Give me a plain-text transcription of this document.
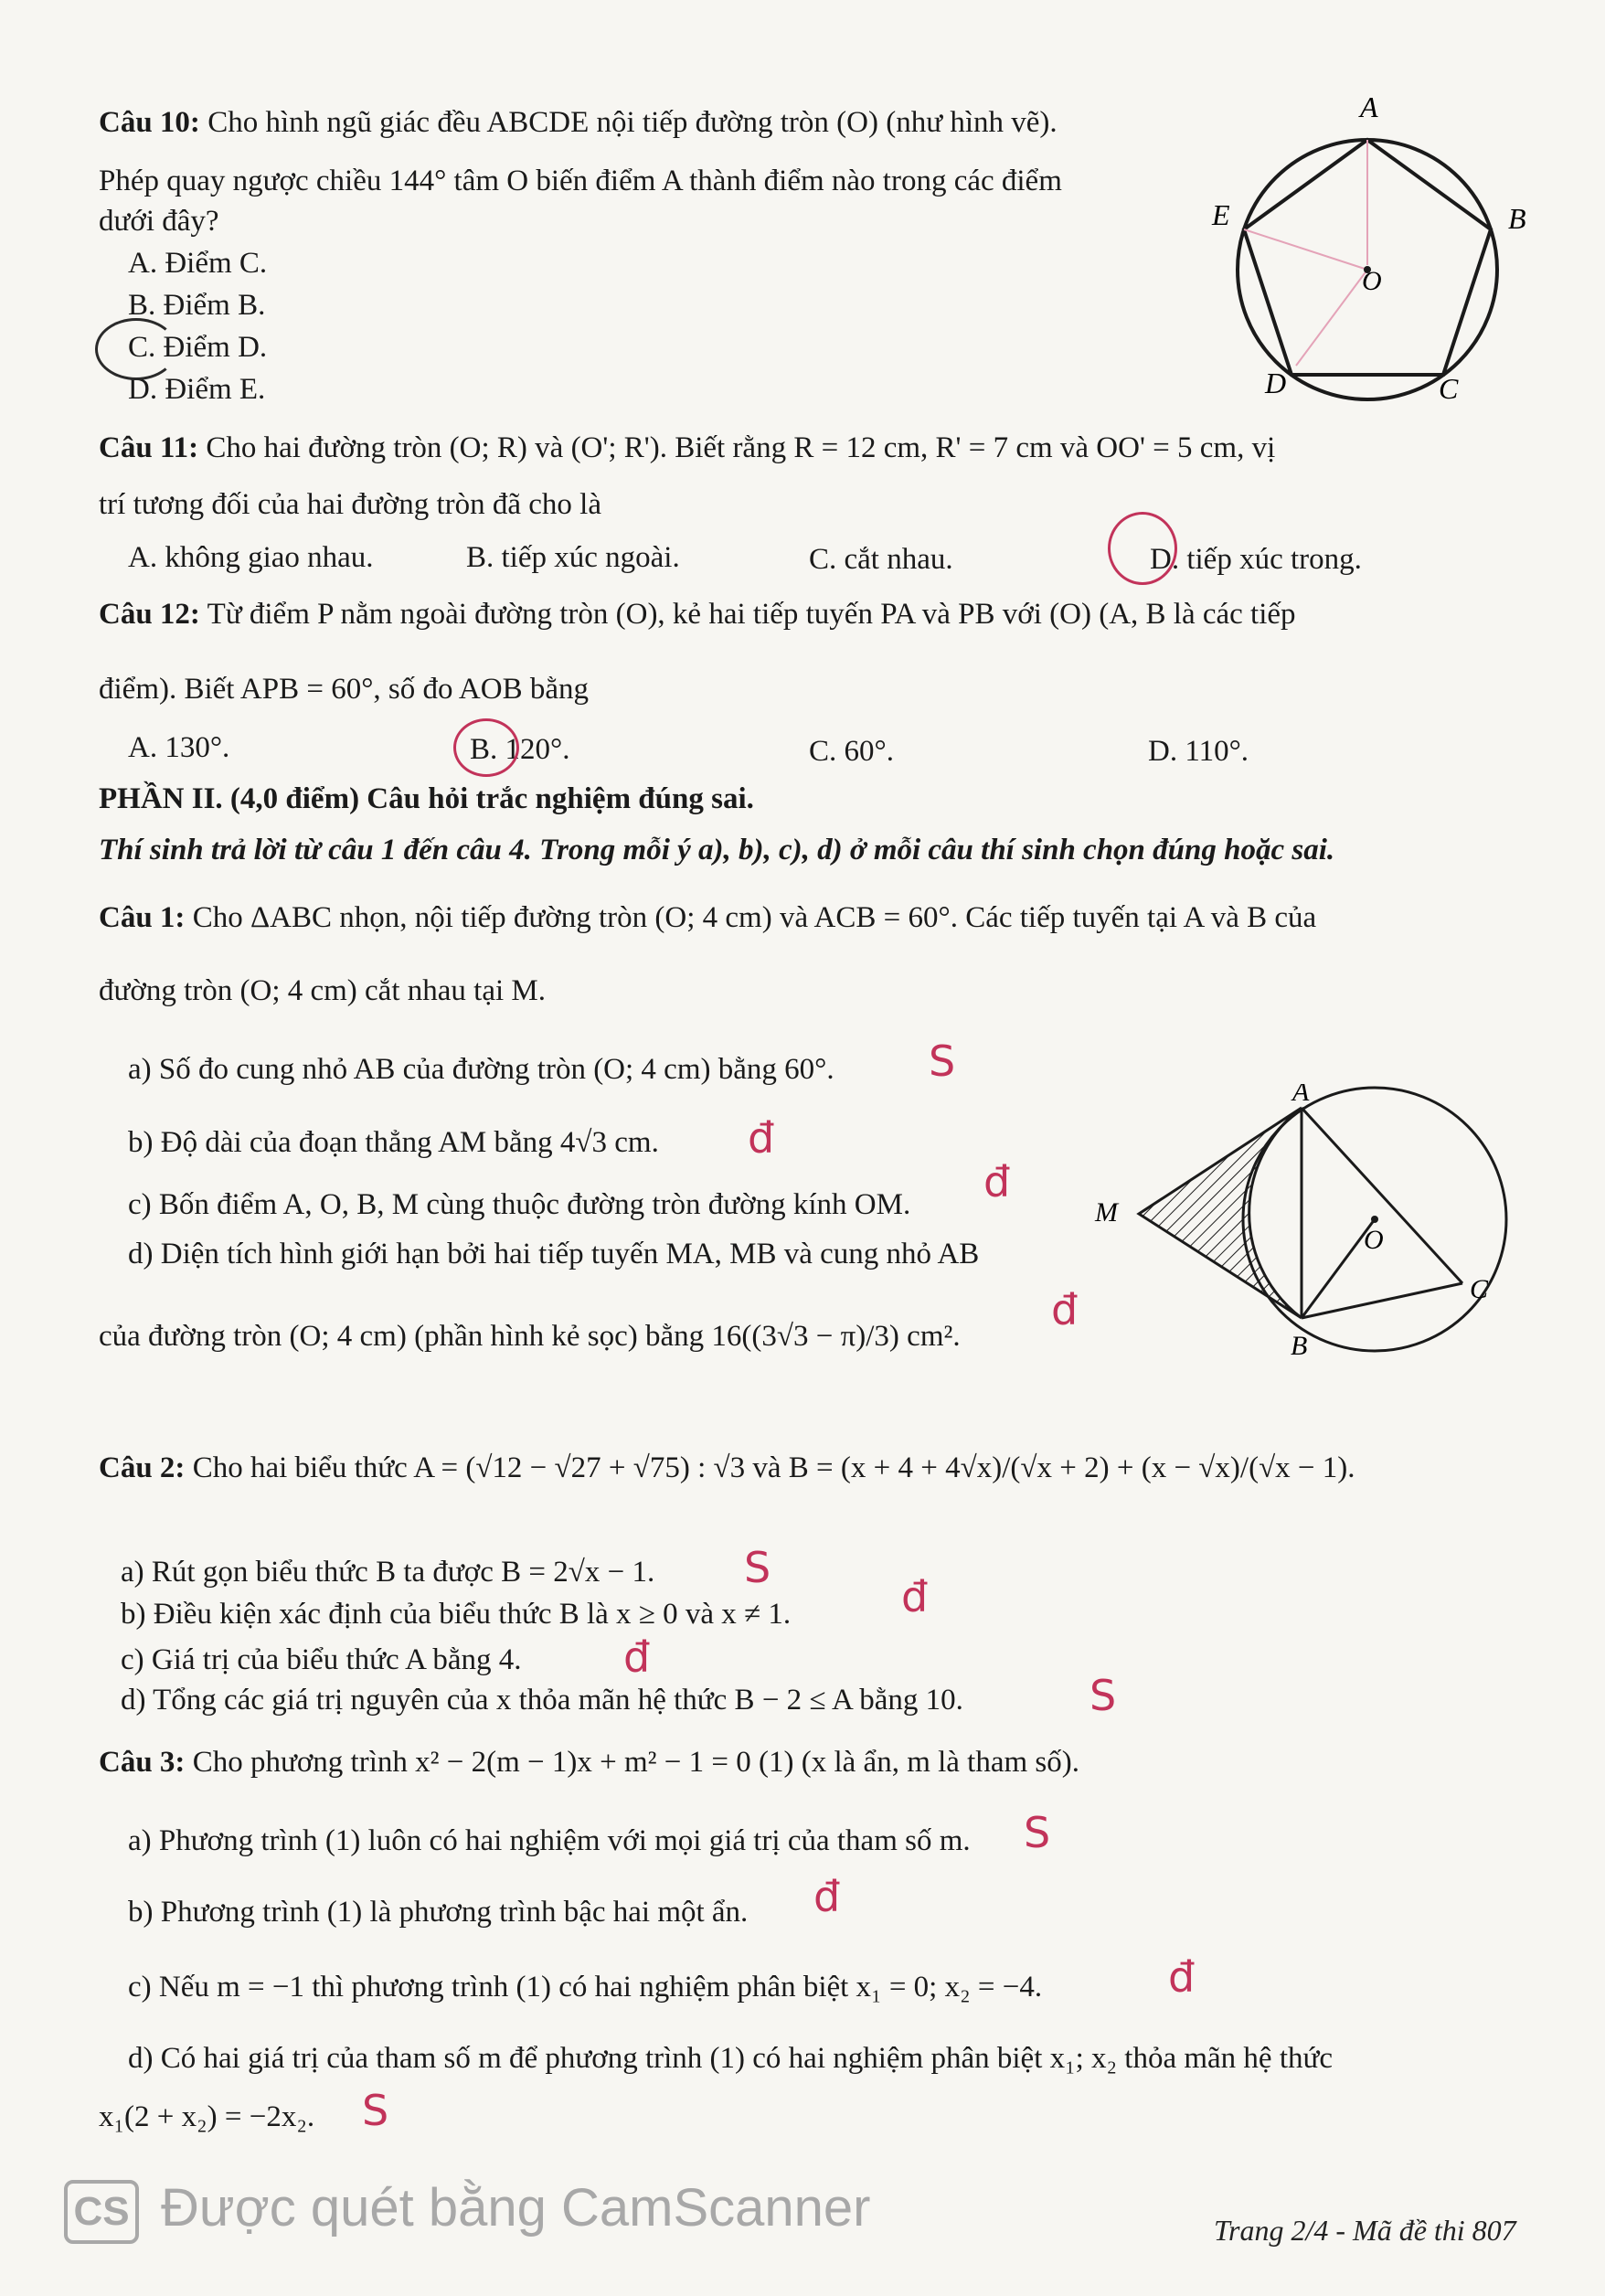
Câu 10: Cho hình ngũ giác đều ABCDE nội tiếp đường tròn (O) (như hình vẽ).
Phép quay ngược chiều 144° tâm O biến điểm A thành điểm nào trong các điểm
dưới đây?
A. Điểm C.
B. Điểm B.
C. Điểm D.
D. Điểm E.
A
B
C
D
E
O
Câu 11: Cho hai đường tròn (O; R) và (O'; R'). Biết rằng R = 12 cm, R' = 7 cm và OO' = 5 cm, vị
trí tương đối của hai đường tròn đã cho là
A. không giao nhau.	B. tiếp xúc ngoài.	C. cắt nhau.	D. tiếp xúc trong.
Câu 12: Từ điểm P nằm ngoài đường tròn (O), kẻ hai tiếp tuyến PA và PB với (O) (A, B là các tiếp
điểm). Biết APB = 60°, số đo AOB bằng
A. 130°.	B. 120°.	C. 60°.	D. 110°.
PHẦN II. (4,0 điểm) Câu hỏi trắc nghiệm đúng sai.
Thí sinh trả lời từ câu 1 đến câu 4. Trong mỗi ý a), b), c), d) ở mỗi câu thí sinh chọn đúng hoặc sai.
Câu 1: Cho ΔABC nhọn, nội tiếp đường tròn (O; 4 cm) và ACB = 60°. Các tiếp tuyến tại A và B của
đường tròn (O; 4 cm) cắt nhau tại M.
a) Số đo cung nhỏ AB của đường tròn (O; 4 cm) bằng 60°.
b) Độ dài của đoạn thẳng AM bằng 4√3 cm.
c) Bốn điểm A, O, B, M cùng thuộc đường tròn đường kính OM.
d) Diện tích hình giới hạn bởi hai tiếp tuyến MA, MB và cung nhỏ AB
của đường tròn (O; 4 cm) (phần hình kẻ sọc) bằng 16((3√3 − π)/3) cm².
S
đ
đ
đ
A
B
C
M
O
Câu 2: Cho hai biểu thức A = (√12 − √27 + √75) : √3 và B = (x + 4 + 4√x)/(√x + 2) + (x − √x)/(√x − 1).
a) Rút gọn biểu thức B ta được B = 2√x − 1.
b) Điều kiện xác định của biểu thức B là x ≥ 0 và x ≠ 1.
c) Giá trị của biểu thức A bằng 4.
d) Tổng các giá trị nguyên của x thỏa mãn hệ thức B − 2 ≤ A bằng 10.
S
đ
đ
S
Câu 3: Cho phương trình x² − 2(m − 1)x + m² − 1 = 0 (1) (x là ẩn, m là tham số).
a) Phương trình (1) luôn có hai nghiệm với mọi giá trị của tham số m.
b) Phương trình (1) là phương trình bậc hai một ẩn.
c) Nếu m = −1 thì phương trình (1) có hai nghiệm phân biệt x₁ = 0; x₂ = −4.
d) Có hai giá trị của tham số m để phương trình (1) có hai nghiệm phân biệt x₁; x₂ thỏa mãn hệ thức
x₁(2 + x₂) = −2x₂.
S
đ
đ
S
CS Được quét bằng CamScanner	Trang 2/4 - Mã đề thi 807
